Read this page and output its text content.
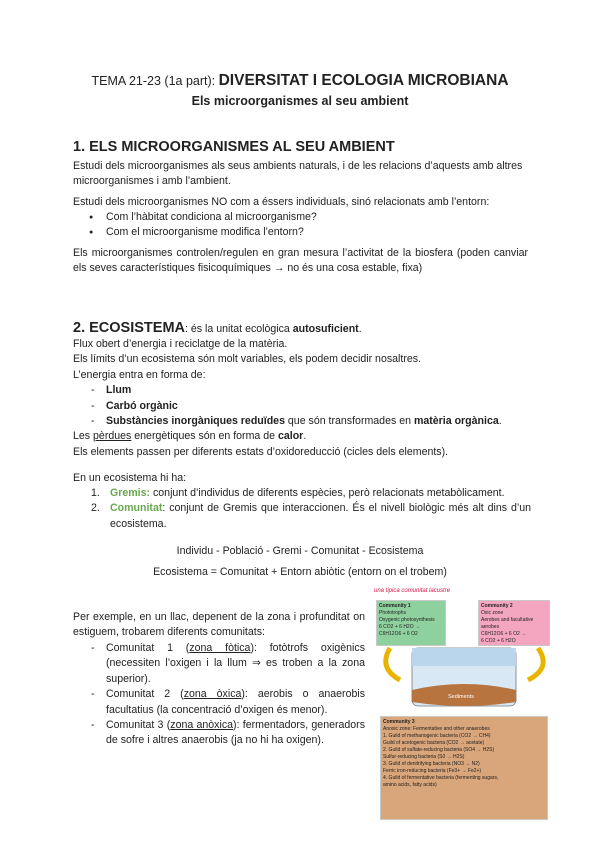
TEMA 21-23 (1a part): DIVERSITAT I ECOLOGIA MICROBIANA
Els microorganismes al seu ambient
1. ELS MICROORGANISMES AL SEU AMBIENT
Estudi dels microorganismes als seus ambients naturals, i de les relacions d’aquests amb altres microorganismes i amb l’ambient.
Estudi dels microorganismes NO com a éssers individuals, sinó relacionats amb l’entorn:
● Com l’hàbitat condiciona al microorganisme?
● Com el microorganisme modifica l’entorn?
Els microorganismes controlen/regulen en gran mesura l’activitat de la biosfera (poden canviar els seves característiques fisicoquímiques → no és una cosa estable, fixa)
2. ECOSISTEMA: és la unitat ecològica autosuficient.
Flux obert d’energia i reciclatge de la matèria.
Els límits d’un ecosistema són molt variables, els podem decidir nosaltres.
L’energia entra en forma de:
- Llum
- Carbó orgànic
- Substàncies inorgàniques reduïdes que són transformades en matèria orgànica.
Les pèrdues energètiques són en forma de calor.
Els elements passen per diferents estats d’oxidoreducció (cicles dels elements).
En un ecosistema hi ha:
1. Gremis: conjunt d’individus de diferents espècies, però relacionats metabòlicament.
2. Comunitat: conjunt de Gremis que interaccionen. És el nivell biològic més alt dins d’un ecosistema.
Individu - Població - Gremi - Comunitat - Ecosistema
Ecosistema = Comunitat + Entorn abiòtic (entorn on el trobem)
Per exemple, en un llac, depenent de la zona i profunditat on estiguem, trobarem diferents comunitats:
- Comunitat 1 (zona fòtica): fotòtrofs oxigènics (necessiten l’oxigen i la llum ⇒ es troben a la zona superior).
- Comunitat 2 (zona òxica): aerobis o anaerobis facultatius (la concentració d’oxigen és menor).
- Comunitat 3 (zona anòxica): fermentadors, generadors de sofre i altres anaerobis (ja no hi ha oxigen).
una tipica comunitat lacustre
Community 1
Phototrophs
Oxygenic photosynthesis
6 CO2 + 6 H2O →
C6H12O6 + 6 O2
Community 2
Oxic zone
Aerobes and facultative
aerobes
C6H12O6 + 6 O2 →
6 CO2 + 6 H2O
Sediments
Community 3
Anoxic zone: Fermentative and other anaerobes
1. Guild of methanogenic bacteria (CO2 → CH4)
Guild of acetogenic bacteria (CO2 → acetate)
2. Guild of sulfate-reducing bacteria (SO4 → H2S)
Sulfur-reducing bacteria (S0 → H2S)
3. Guild of denitrifying bacteria (NO3 → N2)
Ferric iron-reducing bacteria (Fe3+ → Fe2+)
4. Guild of fermentative bacteria (fermenting sugars,
amino acids, fatty acids)
